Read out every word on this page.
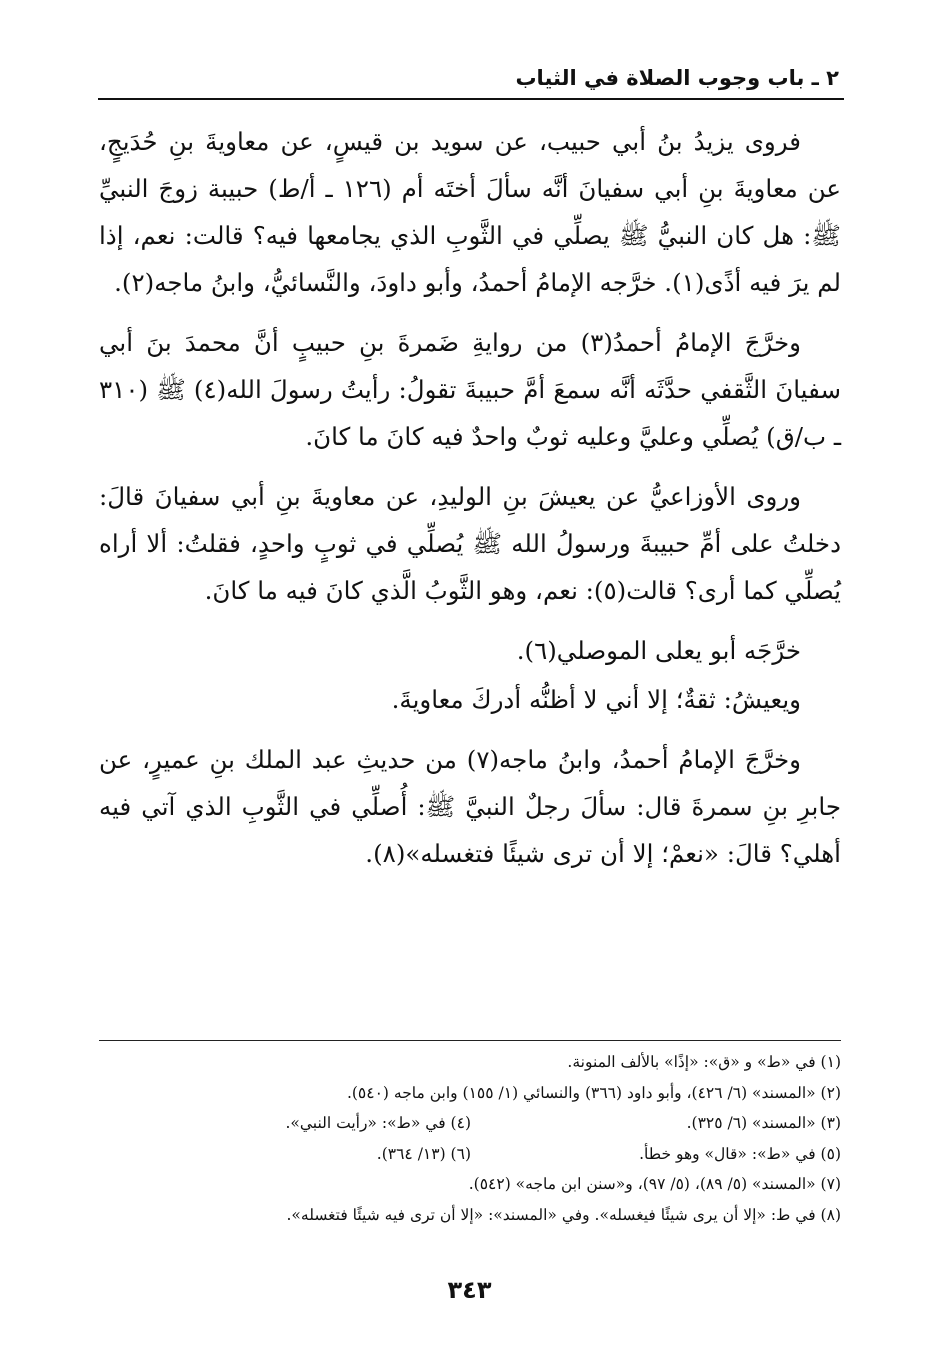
٢ ـ باب وجوب الصلاة في الثياب

فروى يزيدُ بنُ أبي حبيب، عن سويد بن قيسٍ، عن معاويةَ بنِ حُدَيجٍ، عن معاويةَ بنِ أبي سفيانَ أنَّه سألَ أختَه أم (١٢٦ ـ أ/ط) حبيبة زوجَ النبيِّ ﷺ: هل كان النبيُّ ﷺ يصلِّي في الثَّوبِ الذي يجامعها فيه؟ قالت: نعم، إذا لم يرَ فيه أذًى(١). خرَّجه الإمامُ أحمدُ، وأبو داودَ، والنَّسائيُّ، وابنُ ماجه(٢).

وخرَّجَ الإمامُ أحمدُ(٣) من روايةِ ضَمرةَ بنِ حبيبٍ أنَّ محمدَ بنَ أبي سفيانَ الثَّقفي حدَّثَه أنَّه سمعَ أمَّ حبيبةَ تقولُ: رأيتُ رسولَ الله(٤) ﷺ (٣١٠ ـ ب/ق) يُصلِّي وعليَّ وعليه ثوبٌ واحدٌ فيه كانَ ما كانَ.

وروى الأوزاعيُّ عن يعيشَ بنِ الوليدِ، عن معاويةَ بنِ أبي سفيانَ قالَ: دخلتُ على أمِّ حبيبةَ ورسولُ الله ﷺ يُصلِّي في ثوبٍ واحدٍ، فقلتُ: ألا أراه يُصلِّي كما أرى؟ قالت(٥): نعم، وهو الثَّوبُ الَّذي كانَ فيه ما كانَ.

خرَّجَه أبو يعلى الموصلي(٦).

ويعيشُ: ثقةٌ؛ إلا أني لا أظنُّه أدركَ معاويةَ.

وخرَّجَ الإمامُ أحمدُ، وابنُ ماجه(٧) من حديثِ عبد الملك بنِ عميرٍ، عن جابرِ بنِ سمرةَ قال: سألَ رجلٌ النبيَّ ﷺ: أُصلِّي في الثَّوبِ الذي آتي فيه أهلي؟ قالَ: «نعمْ؛ إلا أن ترى شيئًا فتغسله»(٨).

(١) في «ط» و «ق»: «إذًا» بالألف المنونة.
(٢) «المسند» (٦/ ٤٢٦)، وأبو داود (٣٦٦) والنسائي (١/ ١٥٥) وابن ماجه (٥٤٠).
(٣) «المسند» (٦/ ٣٢٥).
(٤) في «ط»: «رأيت النبي».
(٥) في «ط»: «قال» وهو خطأ.
(٦) (١٣/ ٣٦٤).
(٧) «المسند» (٥/ ٨٩)، (٥/ ٩٧)، و«سنن ابن ماجه» (٥٤٢).
(٨) في ط: «إلا أن يرى شيئًا فيغسله». وفي «المسند»: «إلا أن ترى فيه شيئًا فتغسله».
٣٤٣
